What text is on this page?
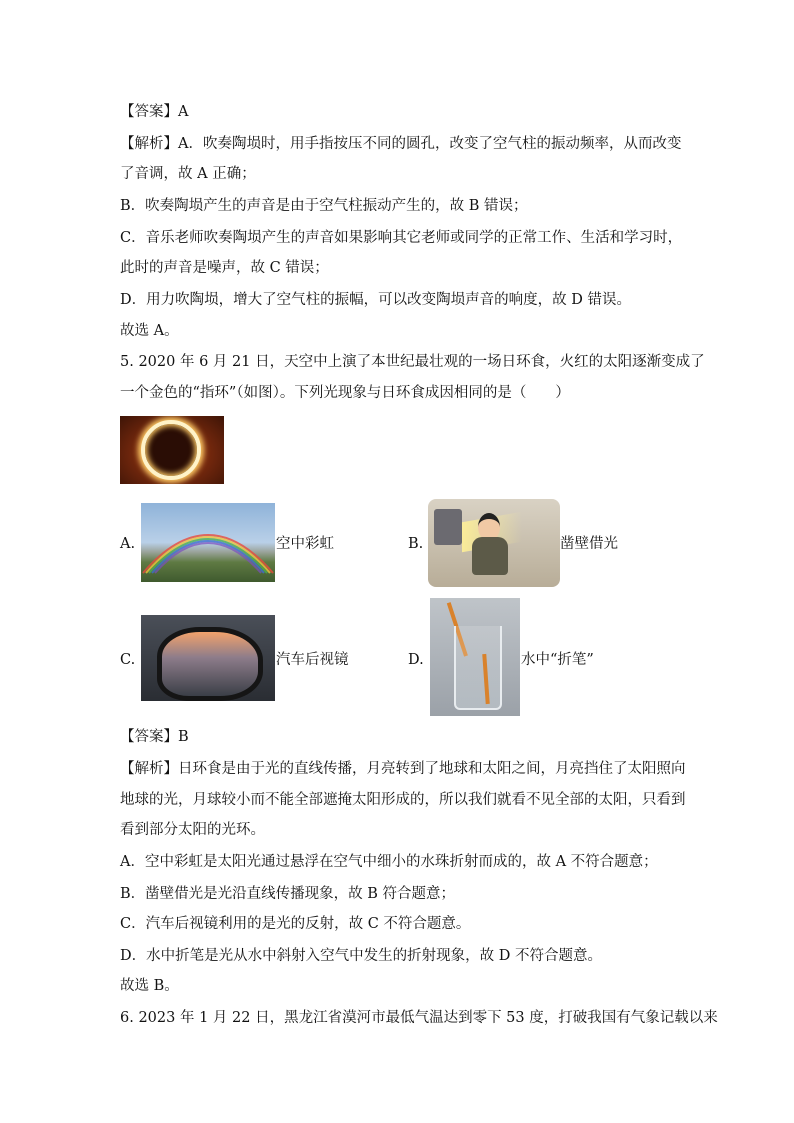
【答案】A
【解析】A．吹奏陶埙时，用手指按压不同的圆孔，改变了空气柱的振动频率，从而改变
了音调，故 A 正确；
B．吹奏陶埙产生的声音是由于空气柱振动产生的，故 B 错误；
C．音乐老师吹奏陶埙产生的声音如果影响其它老师或同学的正常工作、生活和学习时，
此时的声音是噪声，故 C 错误；
D．用力吹陶埙，增大了空气柱的振幅，可以改变陶埙声音的响度，故 D 错误。
故选 A。
5. 2020 年 6 月 21 日，天空中上演了本世纪最壮观的一场日环食，火红的太阳逐渐变成了
一个金色的“指环”（如图）。下列光现象与日环食成因相同的是（　　）
A.	空中彩虹	B.	凿壁借光
C.	汽车后视镜	D.	水中“折笔”
【答案】B
【解析】日环食是由于光的直线传播，月亮转到了地球和太阳之间，月亮挡住了太阳照向
地球的光，月球较小而不能全部遮掩太阳形成的，所以我们就看不见全部的太阳，只看到
看到部分太阳的光环。
A．空中彩虹是太阳光通过悬浮在空气中细小的水珠折射而成的，故 A 不符合题意；
B．凿壁借光是光沿直线传播现象，故 B 符合题意；
C．汽车后视镜利用的是光的反射，故 C 不符合题意。
D．水中折笔是光从水中斜射入空气中发生的折射现象，故 D 不符合题意。
故选 B。
6. 2023 年 1 月 22 日，黑龙江省漠河市最低气温达到零下 53 度，打破我国有气象记载以来
